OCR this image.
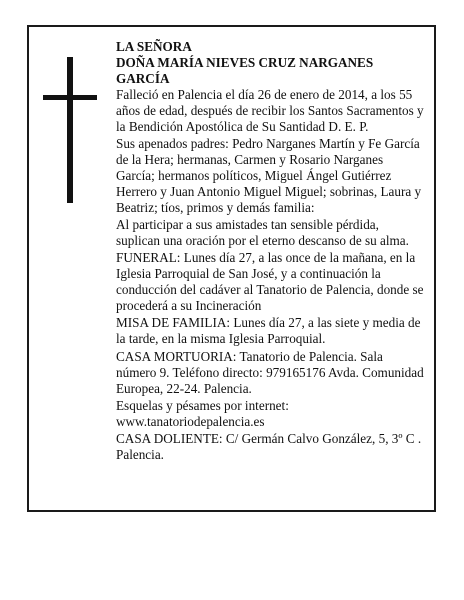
LA SEÑORA

DOÑA MARÍA NIEVES CRUZ NARGANES GARCÍA

Falleció en Palencia el día 26 de enero de 2014, a los 55 años de edad, después de recibir los Santos Sacramentos y la Bendición Apostólica de Su Santidad D. E. P.

Sus apenados padres: Pedro Narganes Martín y Fe García de la Hera; hermanas, Carmen y Rosario Narganes García; hermanos políticos, Miguel Ángel Gutiérrez Herrero y Juan Antonio Miguel Miguel; sobrinas, Laura y Beatriz; tíos, primos y demás familia:

Al participar a sus amistades tan sensible pérdida, suplican una oración por el eterno descanso de su alma.

FUNERAL: Lunes día 27, a las once de la mañana, en la Iglesia Parroquial de San José, y a continuación la conducción del cadáver al Tanatorio de Palencia, donde se procederá a su Incineración

MISA DE FAMILIA: Lunes día 27, a las siete y media de la tarde, en la misma Iglesia Parroquial.

CASA MORTUORIA: Tanatorio de Palencia. Sala número 9. Teléfono directo: 979165176 Avda. Comunidad Europea, 22-24. Palencia.

Esquelas y pésames por internet: www.tanatoriodepalencia.es

CASA DOLIENTE: C/ Germán Calvo González, 5, 3º C . Palencia.
